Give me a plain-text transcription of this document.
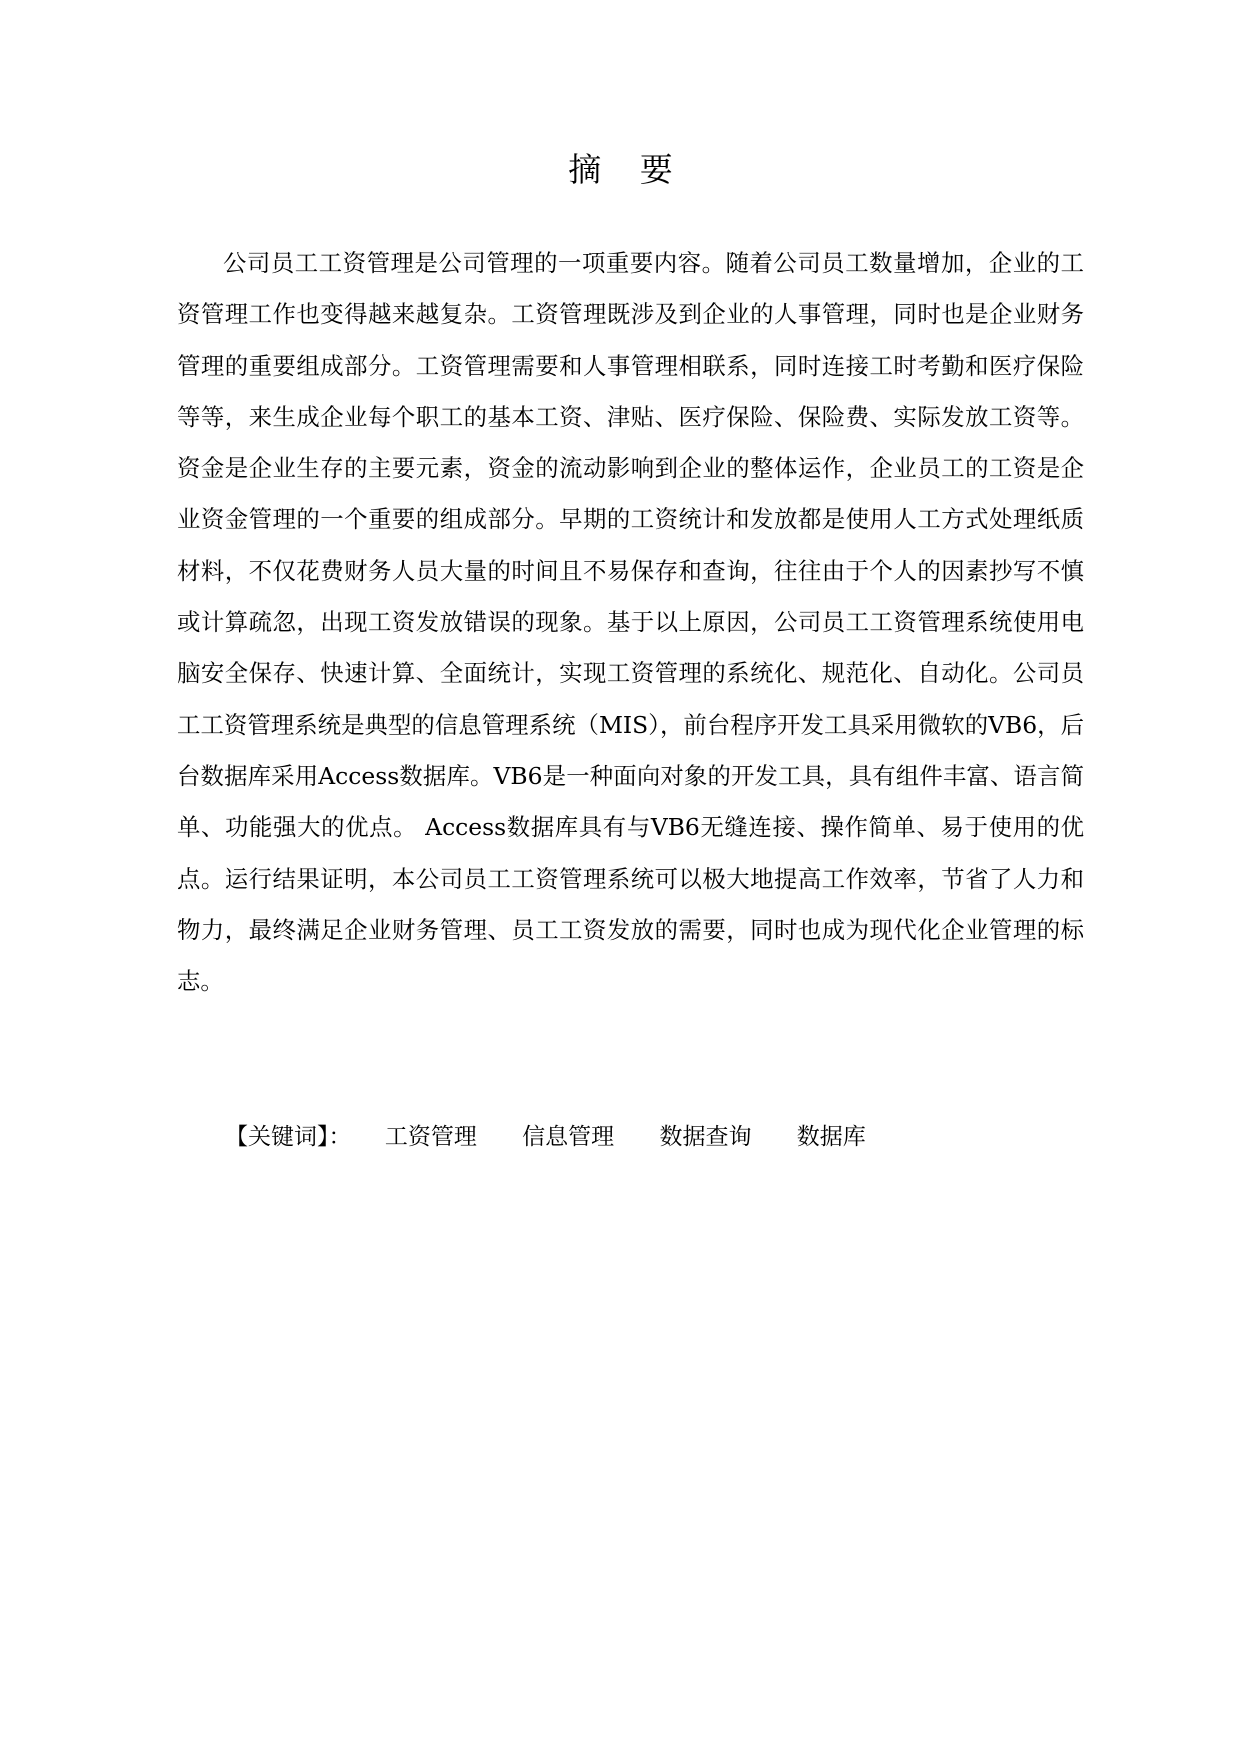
摘 要

公司员工工资管理是公司管理的一项重要内容。随着公司员工数量增加，企业的工资管理工作也变得越来越复杂。工资管理既涉及到企业的人事管理，同时也是企业财务管理的重要组成部分。工资管理需要和人事管理相联系，同时连接工时考勤和医疗保险等等，来生成企业每个职工的基本工资、津贴、医疗保险、保险费、实际发放工资等。资金是企业生存的主要元素，资金的流动影响到企业的整体运作，企业员工的工资是企业资金管理的一个重要的组成部分。早期的工资统计和发放都是使用人工方式处理纸质材料，不仅花费财务人员大量的时间且不易保存和查询，往往由于个人的因素抄写不慎或计算疏忽，出现工资发放错误的现象。基于以上原因，公司员工工资管理系统使用电脑安全保存、快速计算、全面统计，实现工资管理的系统化、规范化、自动化。公司员工工资管理系统是典型的信息管理系统（MIS），前台程序开发工具采用微软的VB6，后台数据库采用Access数据库。VB6是一种面向对象的开发工具，具有组件丰富、语言简单、功能强大的优点。 Access数据库具有与VB6无缝连接、操作简单、易于使用的优点。运行结果证明，本公司员工工资管理系统可以极大地提高工作效率，节省了人力和物力，最终满足企业财务管理、员工工资发放的需要，同时也成为现代化企业管理的标志。

【关键词】： 工资管理 信息管理 数据查询 数据库
